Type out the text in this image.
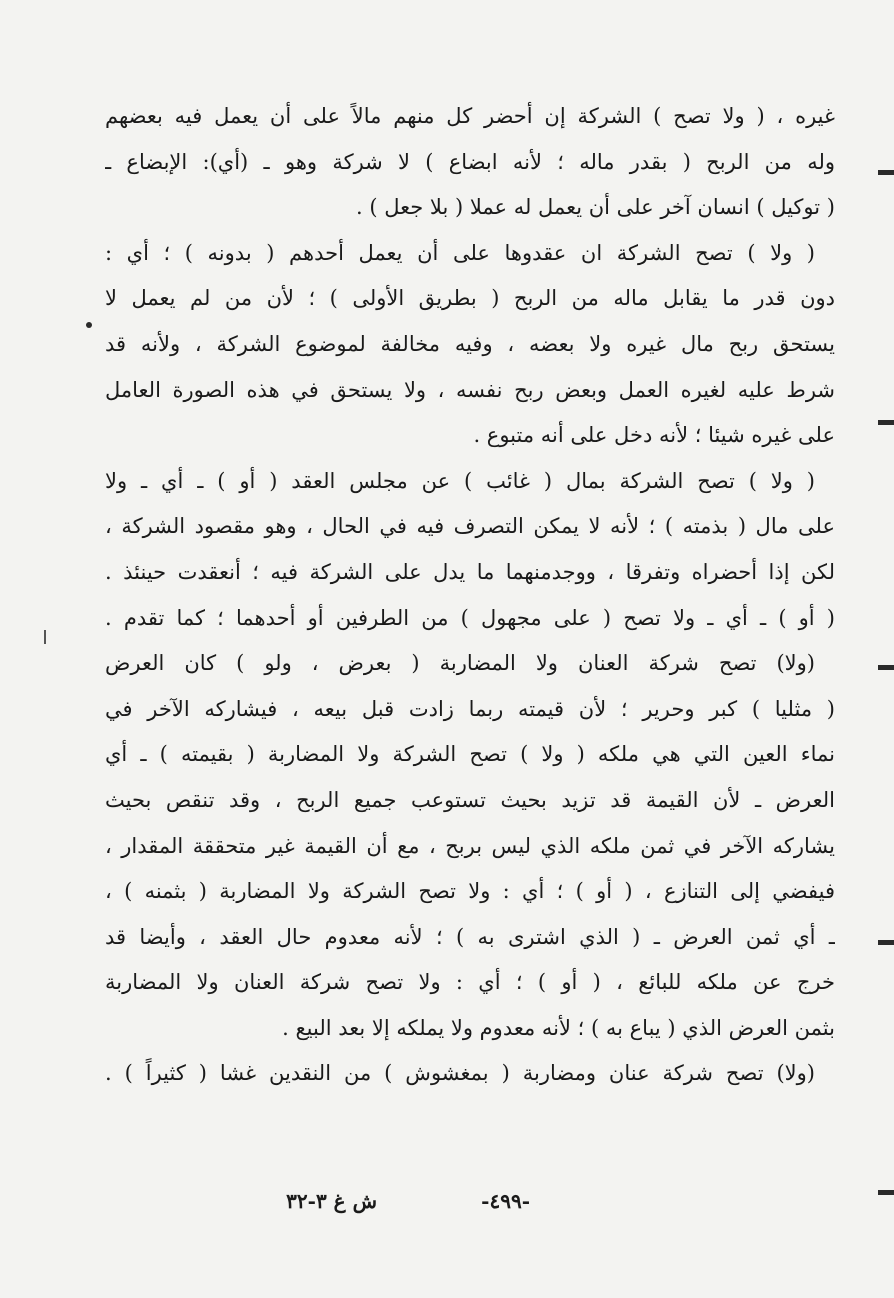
غيره ، ( ولا تصح ) الشركة إن أحضر كل منهم مالاً على أن يعمل فيه بعضهم
وله من الربح ( بقدر ماله ؛ لأنه ابضاع ) لا شركة وهو ـ (أي): الإبضاع ـ
( توكيل ) انسان آخر على أن يعمل له عملا ( بلا جعل ) .
( ولا ) تصح الشركة ان عقدوها على أن يعمل أحدهم ( بدونه ) ؛ أي :
دون قدر ما يقابل ماله من الربح ( بطريق الأولى ) ؛ لأن من لم يعمل لا
يستحق ربح مال غيره ولا بعضه ، وفيه مخالفة لموضوع الشركة ، ولأنه قد
شرط عليه لغيره العمل وبعض ربح نفسه ، ولا يستحق في هذه الصورة العامل
على غيره شيئا ؛ لأنه دخل على أنه متبوع .
( ولا ) تصح الشركة بمال ( غائب ) عن مجلس العقد ( أو ) ـ أي ـ ولا
على مال ( بذمته ) ؛ لأنه لا يمكن التصرف فيه في الحال ، وهو مقصود الشركة ،
لكن إذا أحضراه وتفرقا ، ووجدمنهما ما يدل على الشركة فيه ؛ أنعقدت حينئذ .
( أو ) ـ أي ـ ولا تصح ( على مجهول ) من الطرفين أو أحدهما ؛ كما تقدم .
(ولا) تصح شركة العنان ولا المضاربة ( بعرض ، ولو ) كان العرض
( مثليا ) كبر وحرير ؛ لأن قيمته ربما زادت قبل بيعه ، فيشاركه الآخر في
نماء العين التي هي ملكه ( ولا ) تصح الشركة ولا المضاربة ( بقيمته ) ـ أي
العرض ـ لأن القيمة قد تزيد بحيث تستوعب جميع الربح ، وقد تنقص بحيث
يشاركه الآخر في ثمن ملكه الذي ليس بربح ، مع أن القيمة غير متحققة المقدار ،
فيفضي إلى التنازع ، ( أو ) ؛ أي : ولا تصح الشركة ولا المضاربة ( بثمنه ) ،
ـ أي ثمن العرض ـ ( الذي اشترى به ) ؛ لأنه معدوم حال العقد ، وأيضا قد
خرج عن ملكه للبائع ، ( أو ) ؛ أي : ولا تصح شركة العنان ولا المضاربة
بثمن العرض الذي ( يباع به ) ؛ لأنه معدوم ولا يملكه إلا بعد البيع .
(ولا) تصح شركة عنان ومضاربة ( بمغشوش ) من النقدين غشا ( كثيراً ) .
-٤٩٩-
ش غ ٣-٣٢
